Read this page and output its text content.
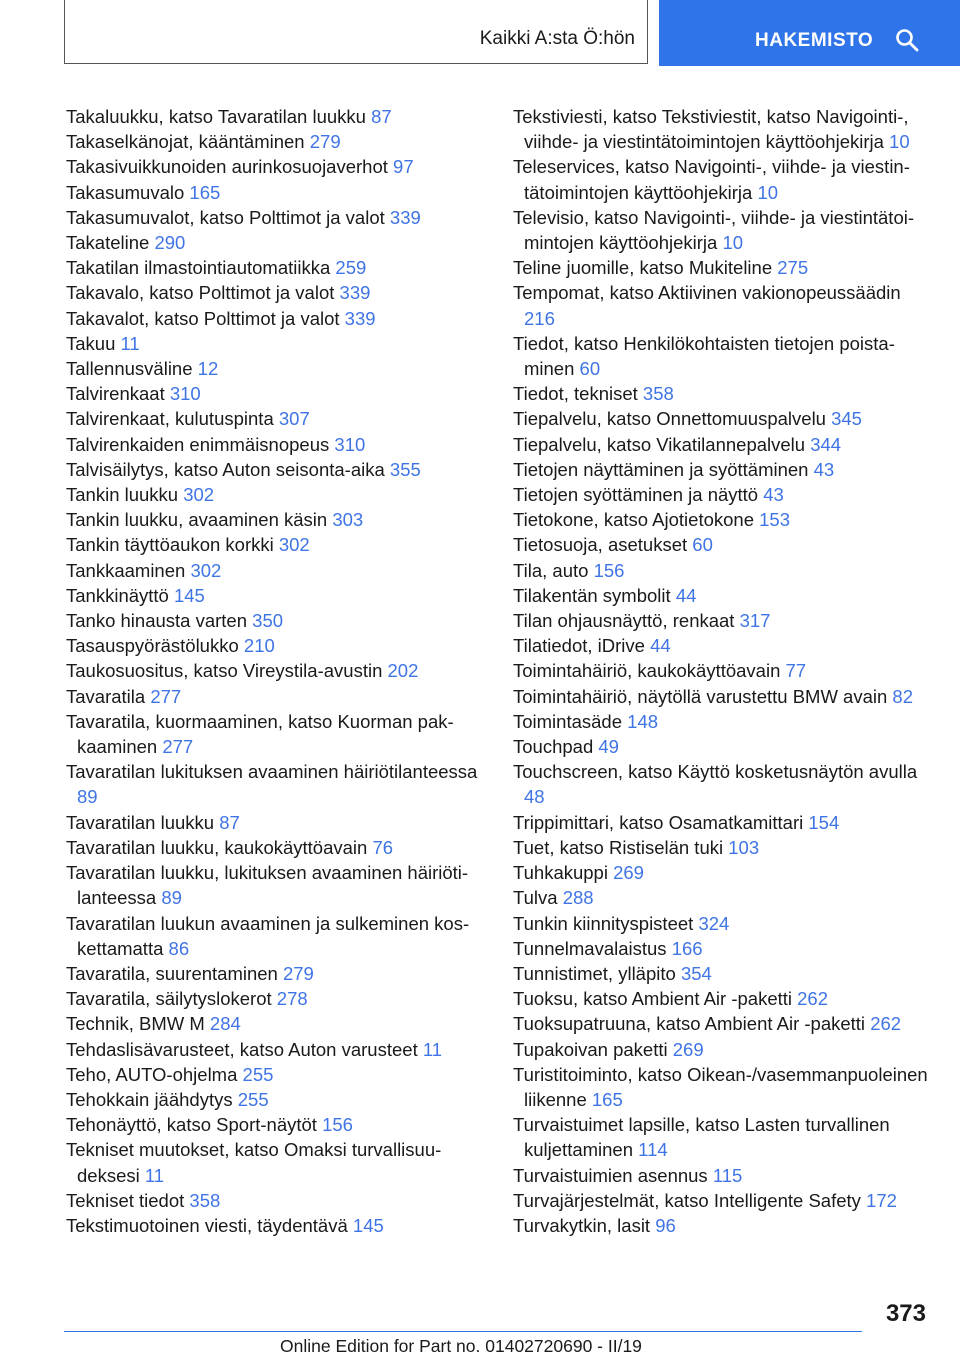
Kaikki A:sta Ö:hön	HAKEMISTO
Takaluukku, katso Tavaratilan luukku 87
Takaselkänojat, kääntäminen 279
Takasivuikkunoiden aurinkosuojaverhot 97
Takasumuvalo 165
Takasumuvalot, katso Polttimot ja valot 339
Takateline 290
Takatilan ilmastointiautomatiikka 259
Takavalo, katso Polttimot ja valot 339
Takavalot, katso Polttimot ja valot 339
Takuu 11
Tallennusväline 12
Talvirenkaat 310
Talvirenkaat, kulutuspinta 307
Talvirenkaiden enimmäisnopeus 310
Talvisäilytys, katso Auton seisonta-aika 355
Tankin luukku 302
Tankin luukku, avaaminen käsin 303
Tankin täyttöaukon korkki 302
Tankkaaminen 302
Tankkinäyttö 145
Tanko hinausta varten 350
Tasauspyörästölukko 210
Taukosuositus, katso Vireystila-avustin 202
Tavaratila 277
Tavaratila, kuormaaminen, katso Kuorman pakkaaminen 277
Tavaratilan lukituksen avaaminen häiriötilanteessa 89
Tavaratilan luukku 87
Tavaratilan luukku, kaukokäyttöavain 76
Tavaratilan luukku, lukituksen avaaminen häiriötilanteessa 89
Tavaratilan luukun avaaminen ja sulkeminen koskettamatta 86
Tavaratila, suurentaminen 279
Tavaratila, säilytyslokerot 278
Technik, BMW M 284
Tehdaslisävarusteet, katso Auton varusteet 11
Teho, AUTO-ohjelma 255
Tehokkain jäähdytys 255
Tehonäyttö, katso Sport-näytöt 156
Tekniset muutokset, katso Omaksi turvallisuudeksesi 11
Tekniset tiedot 358
Tekstimuotoinen viesti, täydentävä 145
Tekstiviesti, katso Tekstiviestit, katso Navigointi-, viihde- ja viestintätoimintojen käyttöohjekirja 10
Teleservices, katso Navigointi-, viihde- ja viestintätoimintojen käyttöohjekirja 10
Televisio, katso Navigointi-, viihde- ja viestintätoimintojen käyttöohjekirja 10
Teline juomille, katso Mukiteline 275
Tempomat, katso Aktiivinen vakionopeussäädin 216
Tiedot, katso Henkilökohtaisten tietojen poistaminen 60
Tiedot, tekniset 358
Tiepalvelu, katso Onnettomuuspalvelu 345
Tiepalvelu, katso Vikatilannepalvelu 344
Tietojen näyttäminen ja syöttäminen 43
Tietojen syöttäminen ja näyttö 43
Tietokone, katso Ajotietokone 153
Tietosuoja, asetukset 60
Tila, auto 156
Tilakentän symbolit 44
Tilan ohjausnäyttö, renkaat 317
Tilatiedot, iDrive 44
Toimintahäiriö, kaukokäyttöavain 77
Toimintahäiriö, näytöllä varustettu BMW avain 82
Toimintasäde 148
Touchpad 49
Touchscreen, katso Käyttö kosketusnäytön avulla 48
Trippimittari, katso Osamatkamittari 154
Tuet, katso Ristiselän tuki 103
Tuhkakuppi 269
Tulva 288
Tunkin kiinnityspisteet 324
Tunnelmavalaistus 166
Tunnistimet, ylläpito 354
Tuoksu, katso Ambient Air -paketti 262
Tuoksupatruuna, katso Ambient Air -paketti 262
Tupakoivan paketti 269
Turistitoiminto, katso Oikean-/vasemmanpuoleinen liikenne 165
Turvaistuimet lapsille, katso Lasten turvallinen kuljettaminen 114
Turvaistuimien asennus 115
Turvajärjestelmät, katso Intelligente Safety 172
Turvakytkin, lasit 96
373
Online Edition for Part no. 01402720690 - II/19
